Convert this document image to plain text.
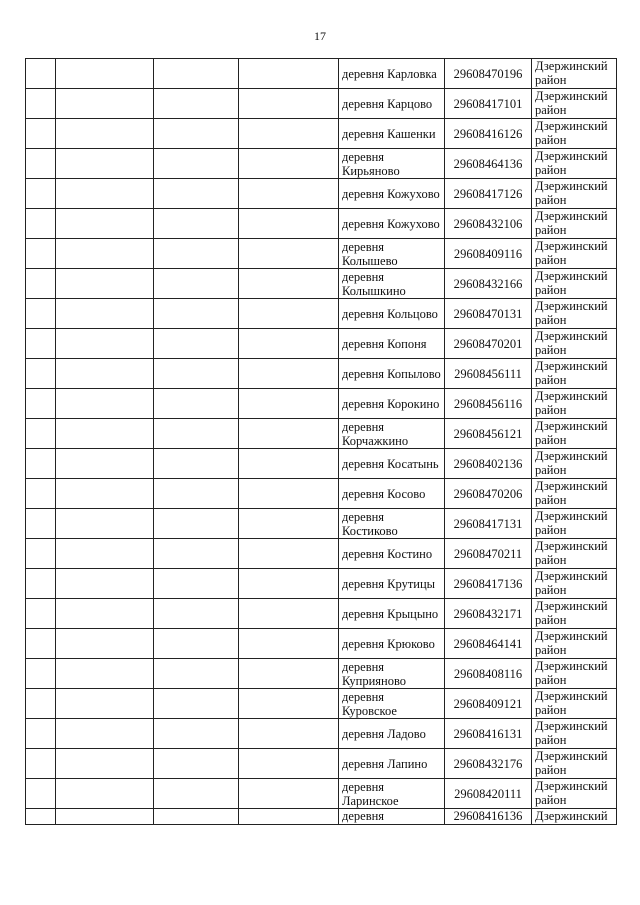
17
				деревня Карловка	29608470196	Дзержинский район
				деревня Карцово	29608417101	Дзержинский район
				деревня Кашенки	29608416126	Дзержинский район
				деревня Кирьяново	29608464136	Дзержинский район
				деревня Кожухово	29608417126	Дзержинский район
				деревня Кожухово	29608432106	Дзержинский район
				деревня Колышево	29608409116	Дзержинский район
				деревня Колышкино	29608432166	Дзержинский район
				деревня Кольцово	29608470131	Дзержинский район
				деревня Копоня	29608470201	Дзержинский район
				деревня Копылово	29608456111	Дзержинский район
				деревня Корокино	29608456116	Дзержинский район
				деревня Корчажкино	29608456121	Дзержинский район
				деревня Косатынь	29608402136	Дзержинский район
				деревня Косово	29608470206	Дзержинский район
				деревня Костиково	29608417131	Дзержинский район
				деревня Костино	29608470211	Дзержинский район
				деревня Крутицы	29608417136	Дзержинский район
				деревня Крыцыно	29608432171	Дзержинский район
				деревня Крюково	29608464141	Дзержинский район
				деревня Куприяново	29608408116	Дзержинский район
				деревня Куровское	29608409121	Дзержинский район
				деревня Ладово	29608416131	Дзержинский район
				деревня Лапино	29608432176	Дзержинский район
				деревня Ларинское	29608420111	Дзержинский район
				деревня	29608416136	Дзержинский
